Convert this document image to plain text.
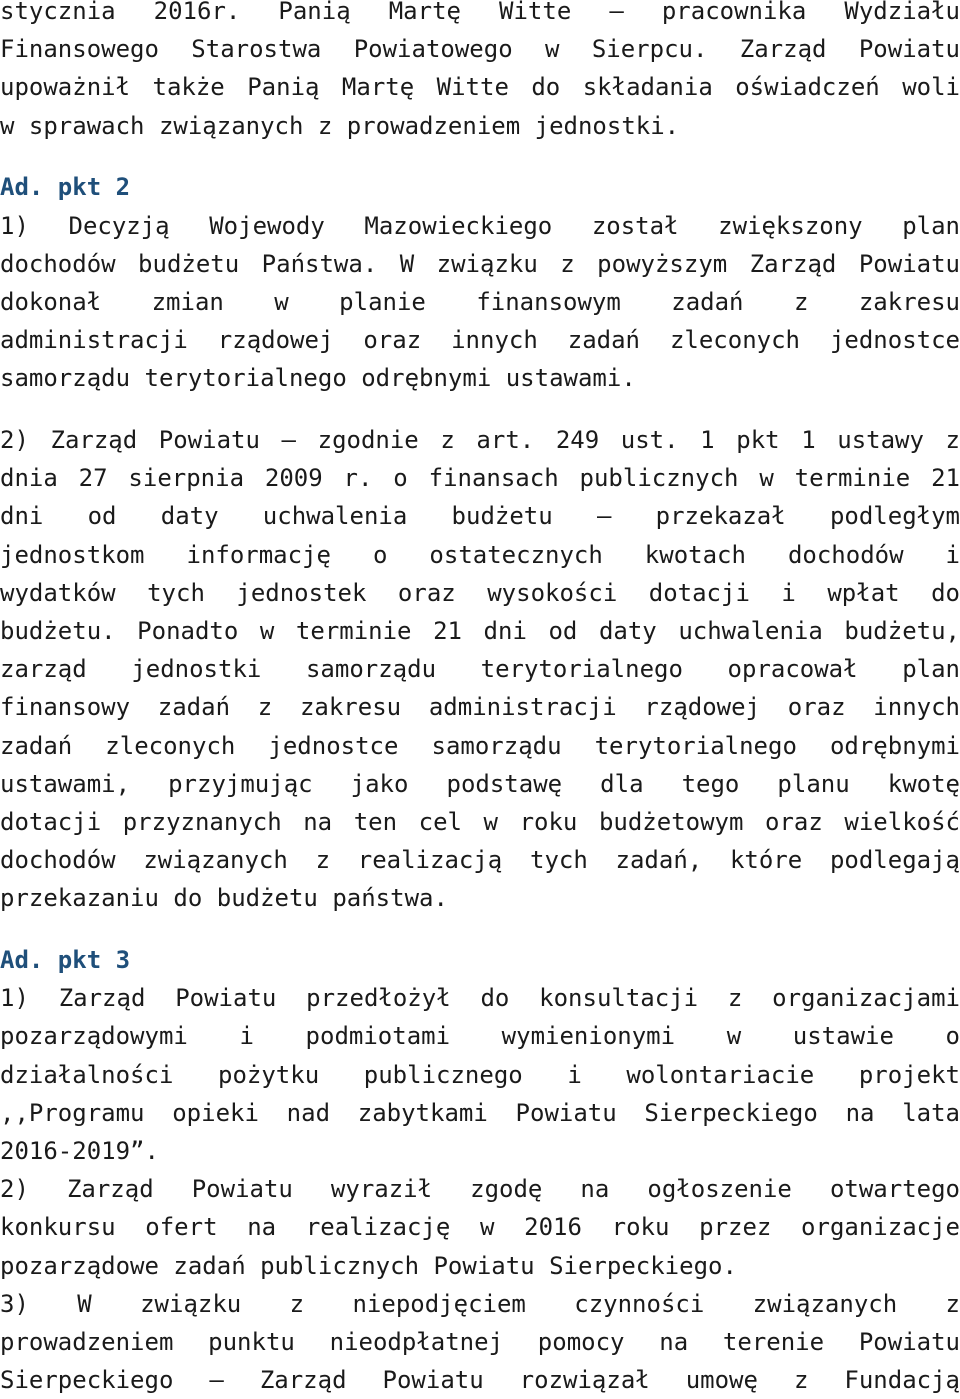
stycznia 2016r. Panią Martę Witte – pracownika Wydziału
Finansowego Starostwa Powiatowego w Sierpcu. Zarząd Powiatu
upoważnił także Panią Martę Witte do składania oświadczeń woli
w sprawach związanych z prowadzeniem jednostki.
Ad. pkt 2
1) Decyzją Wojewody Mazowieckiego został zwiększony plan
dochodów budżetu Państwa. W związku z powyższym Zarząd Powiatu
dokonał zmian w planie finansowym zadań z zakresu
administracji rządowej oraz innych zadań zleconych jednostce
samorządu terytorialnego odrębnymi ustawami.
2) Zarząd Powiatu – zgodnie z art. 249 ust. 1 pkt 1 ustawy z
dnia 27 sierpnia 2009 r. o finansach publicznych w terminie 21
dni od daty uchwalenia budżetu – przekazał podległym
jednostkom informację o ostatecznych kwotach dochodów i
wydatków tych jednostek oraz wysokości dotacji i wpłat do
budżetu. Ponadto w terminie 21 dni od daty uchwalenia budżetu,
zarząd jednostki samorządu terytorialnego opracował plan
finansowy zadań z zakresu administracji rządowej oraz innych
zadań zleconych jednostce samorządu terytorialnego odrębnymi
ustawami, przyjmując jako podstawę dla tego planu kwotę
dotacji przyznanych na ten cel w roku budżetowym oraz wielkość
dochodów związanych z realizacją tych zadań, które podlegają
przekazaniu do budżetu państwa.
Ad. pkt 3
1) Zarząd Powiatu przedłożył do konsultacji z organizacjami
pozarządowymi i podmiotami wymienionymi w ustawie o
działalności pożytku publicznego i wolontariacie projekt
,,Programu opieki nad zabytkami Powiatu Sierpeckiego na lata
2016-2019”.
2) Zarząd Powiatu wyraził zgodę na ogłoszenie otwartego
konkursu ofert na realizację w 2016 roku przez organizacje
pozarządowe zadań publicznych Powiatu Sierpeckiego.
3) W związku z niepodjęciem czynności związanych z
prowadzeniem punktu nieodpłatnej pomocy na terenie Powiatu
Sierpeckiego – Zarząd Powiatu rozwiązał umowę z Fundacją
